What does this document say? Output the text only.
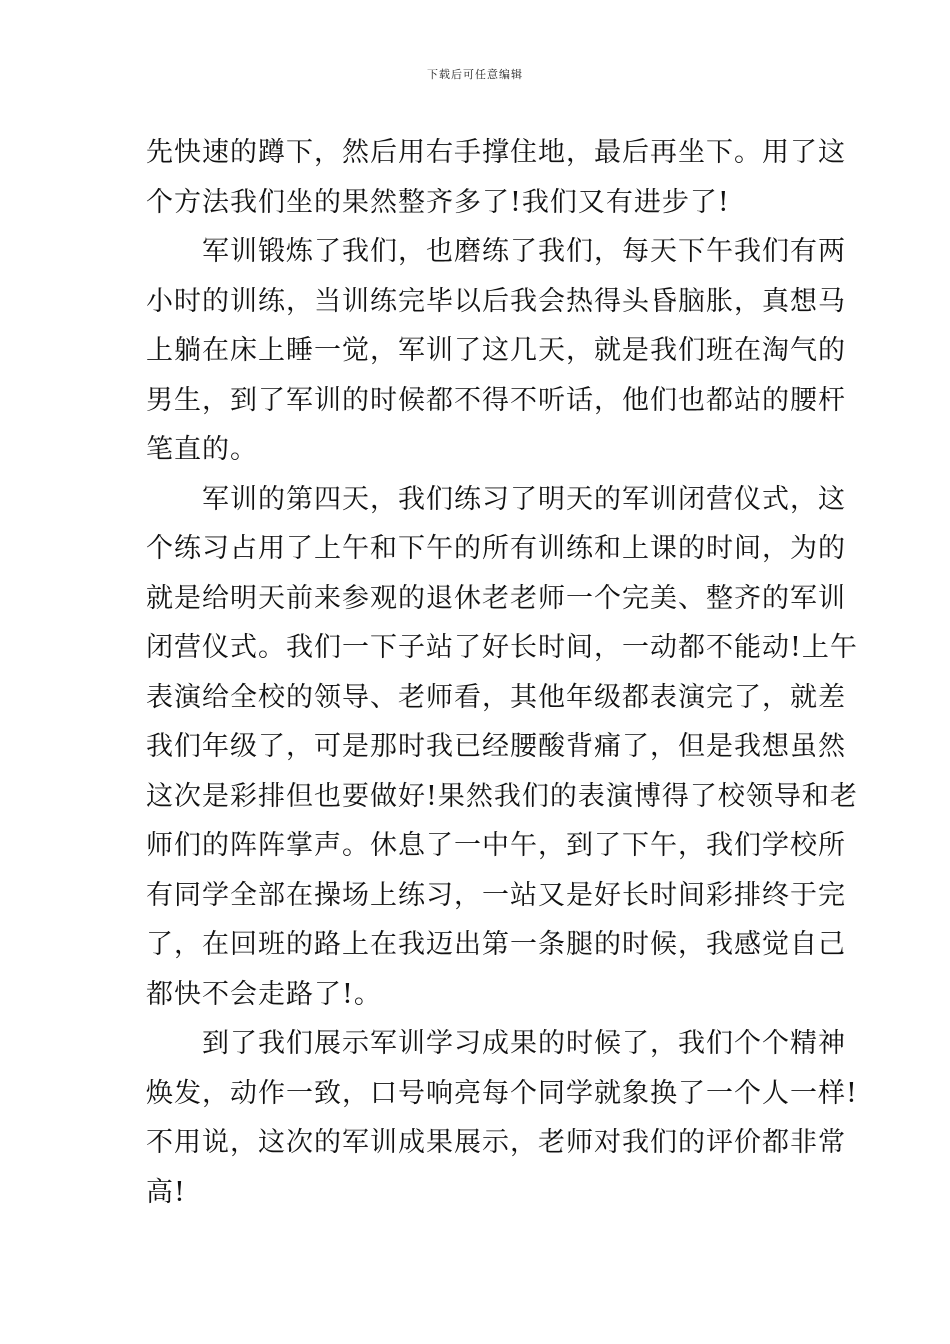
下载后可任意编辑
先快速的蹲下，然后用右手撑住地，最后再坐下。用了这
个方法我们坐的果然整齐多了!我们又有进步了!
　　军训锻炼了我们，也磨练了我们，每天下午我们有两
小时的训练，当训练完毕以后我会热得头昏脑胀，真想马
上躺在床上睡一觉，军训了这几天，就是我们班在淘气的
男生，到了军训的时候都不得不听话，他们也都站的腰杆
笔直的。
　　军训的第四天，我们练习了明天的军训闭营仪式，这
个练习占用了上午和下午的所有训练和上课的时间，为的
就是给明天前来参观的退休老老师一个完美、整齐的军训
闭营仪式。我们一下子站了好长时间，一动都不能动!上午
表演给全校的领导、老师看，其他年级都表演完了，就差
我们年级了，可是那时我已经腰酸背痛了，但是我想虽然
这次是彩排但也要做好!果然我们的表演博得了校领导和老
师们的阵阵掌声。休息了一中午，到了下午，我们学校所
有同学全部在操场上练习，一站又是好长时间彩排终于完
了，在回班的路上在我迈出第一条腿的时候，我感觉自己
都快不会走路了!。
　　到了我们展示军训学习成果的时候了，我们个个精神
焕发，动作一致，口号响亮每个同学就象换了一个人一样!
不用说，这次的军训成果展示，老师对我们的评价都非常
高!
